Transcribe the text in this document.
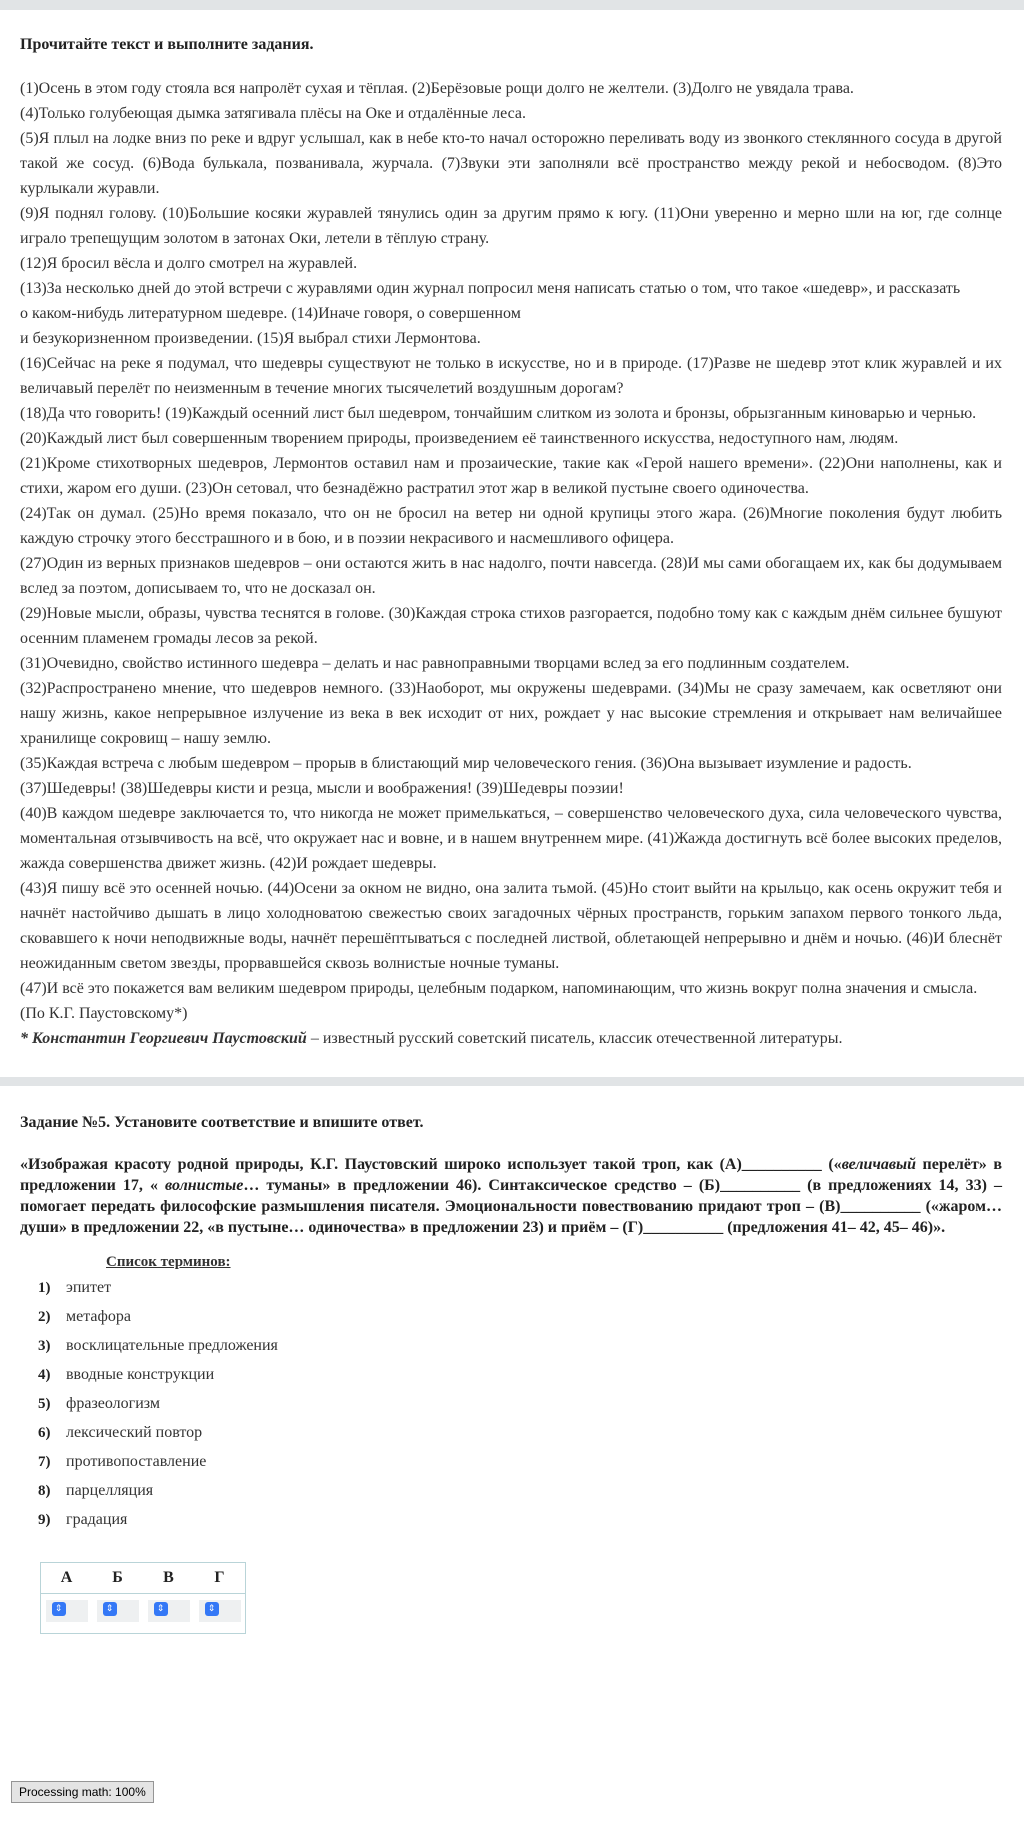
Прочитайте текст и выполните задания.

(1)Осень в этом году стояла вся напролёт сухая и тёплая. (2)Берёзовые рощи долго не желтели. (3)Долго не увядала трава.

(4)Только голубеющая дымка затягивала плёсы на Оке и отдалённые леса.

(5)Я плыл на лодке вниз по реке и вдруг услышал, как в небе кто-то начал осторожно переливать воду из звонкого стеклянного сосуда в другой такой же сосуд. (6)Вода булькала, позванивала, журчала. (7)Звуки эти заполняли всё пространство между рекой и небосводом. (8)Это курлыкали журавли.

(9)Я поднял голову. (10)Большие косяки журавлей тянулись один за другим прямо к югу. (11)Они уверенно и мерно шли на юг, где солнце играло трепещущим золотом в затонах Оки, летели в тёплую страну.

(12)Я бросил вёсла и долго смотрел на журавлей.

(13)За несколько дней до этой встречи с журавлями один журнал попросил меня написать статью о том, что такое «шедевр», и рассказать

о каком-нибудь литературном шедевре. (14)Иначе говоря, о совершенном

и безукоризненном произведении. (15)Я выбрал стихи Лермонтова.

(16)Сейчас на реке я подумал, что шедевры существуют не только в искусстве, но и в природе. (17)Разве не шедевр этот клик журавлей и их величавый перелёт по неизменным в течение многих тысячелетий воздушным дорогам?

(18)Да что говорить! (19)Каждый осенний лист был шедевром, тончайшим слитком из золота и бронзы, обрызганным киноварью и чернью.

(20)Каждый лист был совершенным творением природы, произведением её таинственного искусства, недоступного нам, людям.

(21)Кроме стихотворных шедевров, Лермонтов оставил нам и прозаические, такие как «Герой нашего времени». (22)Они наполнены, как и стихи, жаром его души. (23)Он сетовал, что безнадёжно растратил этот жар в великой пустыне своего одиночества.

(24)Так он думал. (25)Но время показало, что он не бросил на ветер ни одной крупицы этого жара. (26)Многие поколения будут любить каждую строчку этого бесстрашного и в бою, и в поэзии некрасивого и насмешливого офицера.

(27)Один из верных признаков шедевров – они остаются жить в нас надолго, почти навсегда. (28)И мы сами обогащаем их, как бы додумываем вслед за поэтом, дописываем то, что не досказал он.

(29)Новые мысли, образы, чувства теснятся в голове. (30)Каждая строка стихов разгорается, подобно тому как с каждым днём сильнее бушуют осенним пламенем громады лесов за рекой.

(31)Очевидно, свойство истинного шедевра – делать и нас равноправными творцами вслед за его подлинным создателем.

(32)Распространено мнение, что шедевров немного. (33)Наоборот, мы окружены шедеврами. (34)Мы не сразу замечаем, как осветляют они нашу жизнь, какое непрерывное излучение из века в век исходит от них, рождает у нас высокие стремления и открывает нам величайшее хранилище сокровищ – нашу землю.

(35)Каждая встреча с любым шедевром – прорыв в блистающий мир человеческого гения. (36)Она вызывает изумление и радость.

(37)Шедевры! (38)Шедевры кисти и резца, мысли и воображения! (39)Шедевры поэзии!

(40)В каждом шедевре заключается то, что никогда не может примелькаться, – совершенство человеческого духа, сила человеческого чувства, моментальная отзывчивость на всё, что окружает нас и вовне, и в нашем внутреннем мире. (41)Жажда достигнуть всё более высоких пределов, жажда совершенства движет жизнь. (42)И рождает шедевры.

(43)Я пишу всё это осенней ночью. (44)Осени за окном не видно, она залита тьмой. (45)Но стоит выйти на крыльцо, как осень окружит тебя и начнёт настойчиво дышать в лицо холодноватою свежестью своих загадочных чёрных пространств, горьким запахом первого тонкого льда, сковавшего к ночи неподвижные воды, начнёт перешёптываться с последней листвой, облетающей непрерывно и днём и ночью. (46)И блеснёт неожиданным светом звезды, прорвавшейся сквозь волнистые ночные туманы.

(47)И всё это покажется вам великим шедевром природы, целебным подарком, напоминающим, что жизнь вокруг полна значения и смысла.

(По К.Г. Паустовскому*)

* Константин Георгиевич Паустовский – известный русский советский писатель, классик отечественной литературы.

Задание №5. Установите соответствие и впишите ответ.
«Изображая красоту родной природы, К.Г. Паустовский широко использует такой троп, как (А)__________ («величавый перелёт» в предложении 17, « волнистые… туманы» в предложении 46). Синтаксическое средство – (Б)__________ (в предложениях 14, 33) – помогает передать философские размышления писателя. Эмоциональности повествованию придают троп – (В)__________ («жаром… души» в предложении 22, «в пустыне… одиночества» в предложении 23) и приём – (Г)__________ (предложения 41– 42, 45– 46)».
Список терминов:
1) эпитет
2) метафора
3) восклицательные предложения
4) вводные конструкции
5) фразеологизм
6) лексический повтор
7) противопоставление
8) парцелляция
9) градация
А	Б	В	Г

⇕	⇕	⇕	⇕
Processing math: 100%
